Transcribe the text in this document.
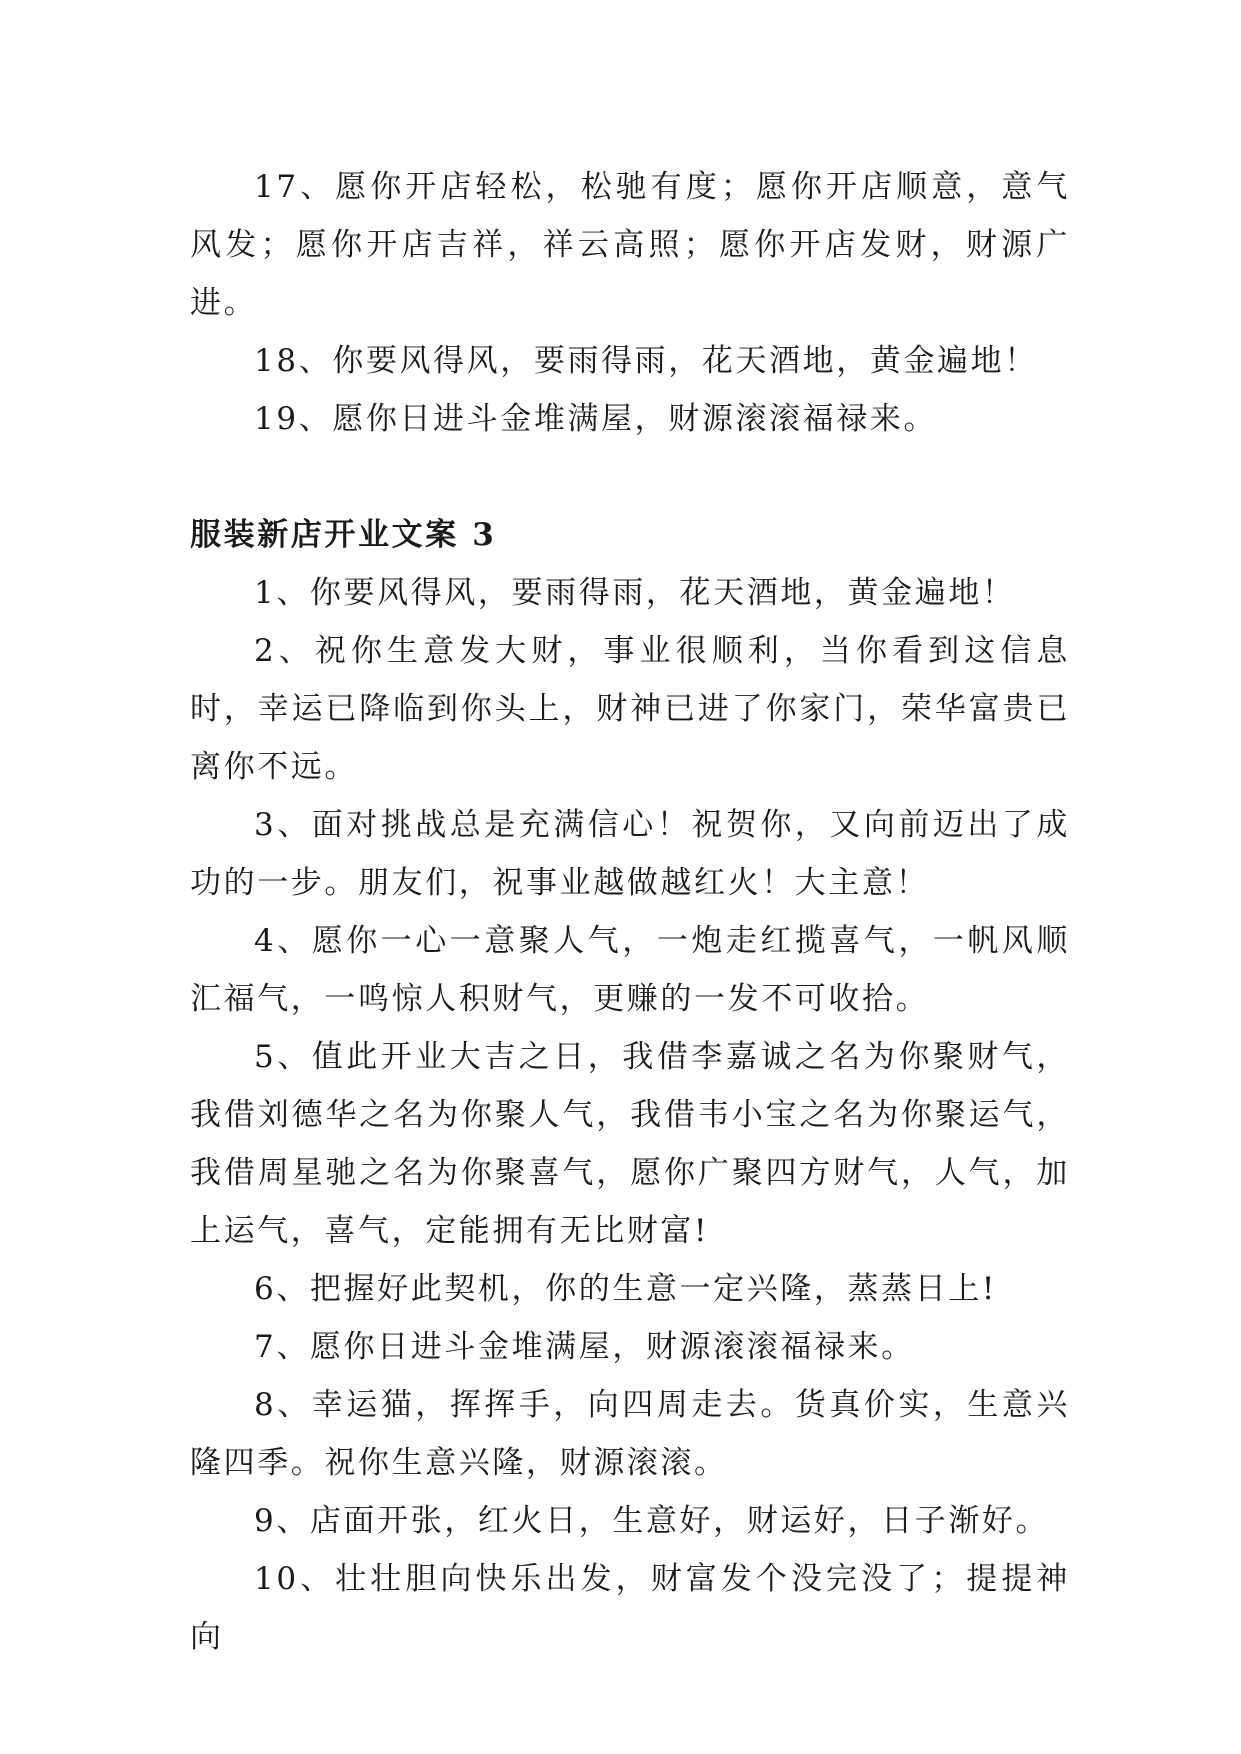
17、愿你开店轻松，松驰有度；愿你开店顺意，意气风发；愿你开店吉祥，祥云高照；愿你开店发财，财源广进。

18、你要风得风，要雨得雨，花天酒地，黄金遍地！

19、愿你日进斗金堆满屋，财源滚滚福禄来。

服装新店开业文案 3

1、你要风得风，要雨得雨，花天酒地，黄金遍地！

2、祝你生意发大财，事业很顺利，当你看到这信息时，幸运已降临到你头上，财神已进了你家门，荣华富贵已离你不远。

3、面对挑战总是充满信心！祝贺你，又向前迈出了成功的一步。朋友们，祝事业越做越红火！大主意！

4、愿你一心一意聚人气，一炮走红揽喜气，一帆风顺汇福气，一鸣惊人积财气，更赚的一发不可收拾。

5、值此开业大吉之日，我借李嘉诚之名为你聚财气，我借刘德华之名为你聚人气，我借韦小宝之名为你聚运气，我借周星驰之名为你聚喜气，愿你广聚四方财气，人气，加上运气，喜气，定能拥有无比财富!

6、把握好此契机，你的生意一定兴隆，蒸蒸日上!

7、愿你日进斗金堆满屋，财源滚滚福禄来。

8、幸运猫，挥挥手，向四周走去。货真价实，生意兴隆四季。祝你生意兴隆，财源滚滚。

9、店面开张，红火日，生意好，财运好，日子渐好。

10、壮壮胆向快乐出发，财富发个没完没了；提提神向
